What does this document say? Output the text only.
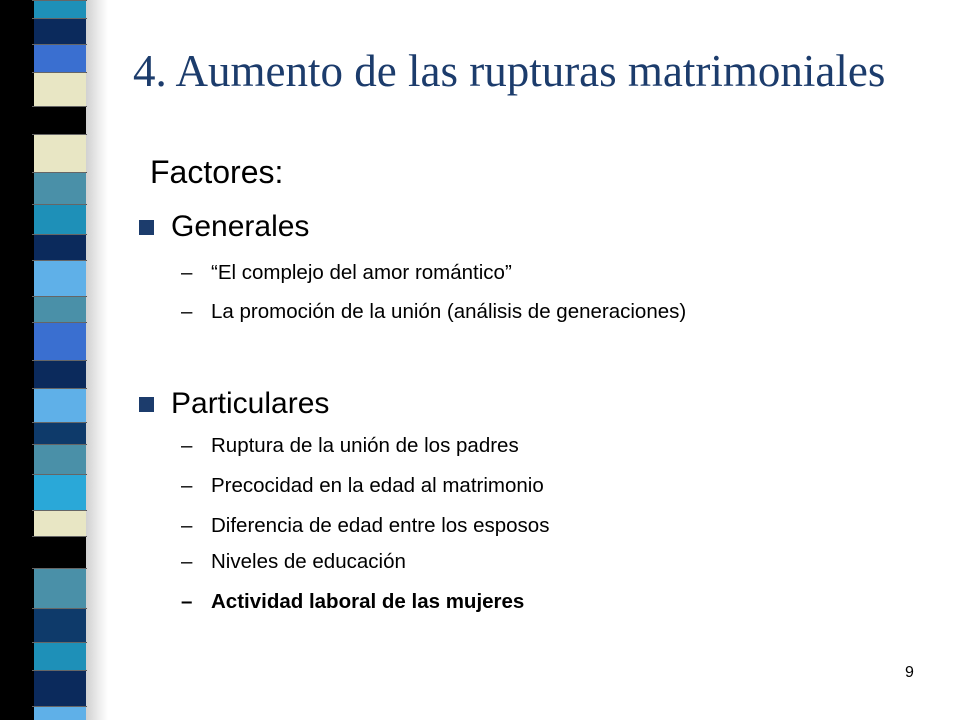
4. Aumento de las rupturas matrimoniales
Factores:
Generales
– “El complejo del amor romántico”
– La promoción de la unión (análisis de generaciones)
Particulares
– Ruptura de la unión de los padres
– Precocidad en la edad al matrimonio
– Diferencia de edad entre los esposos
– Niveles de educación
– Actividad laboral de las mujeres
9
